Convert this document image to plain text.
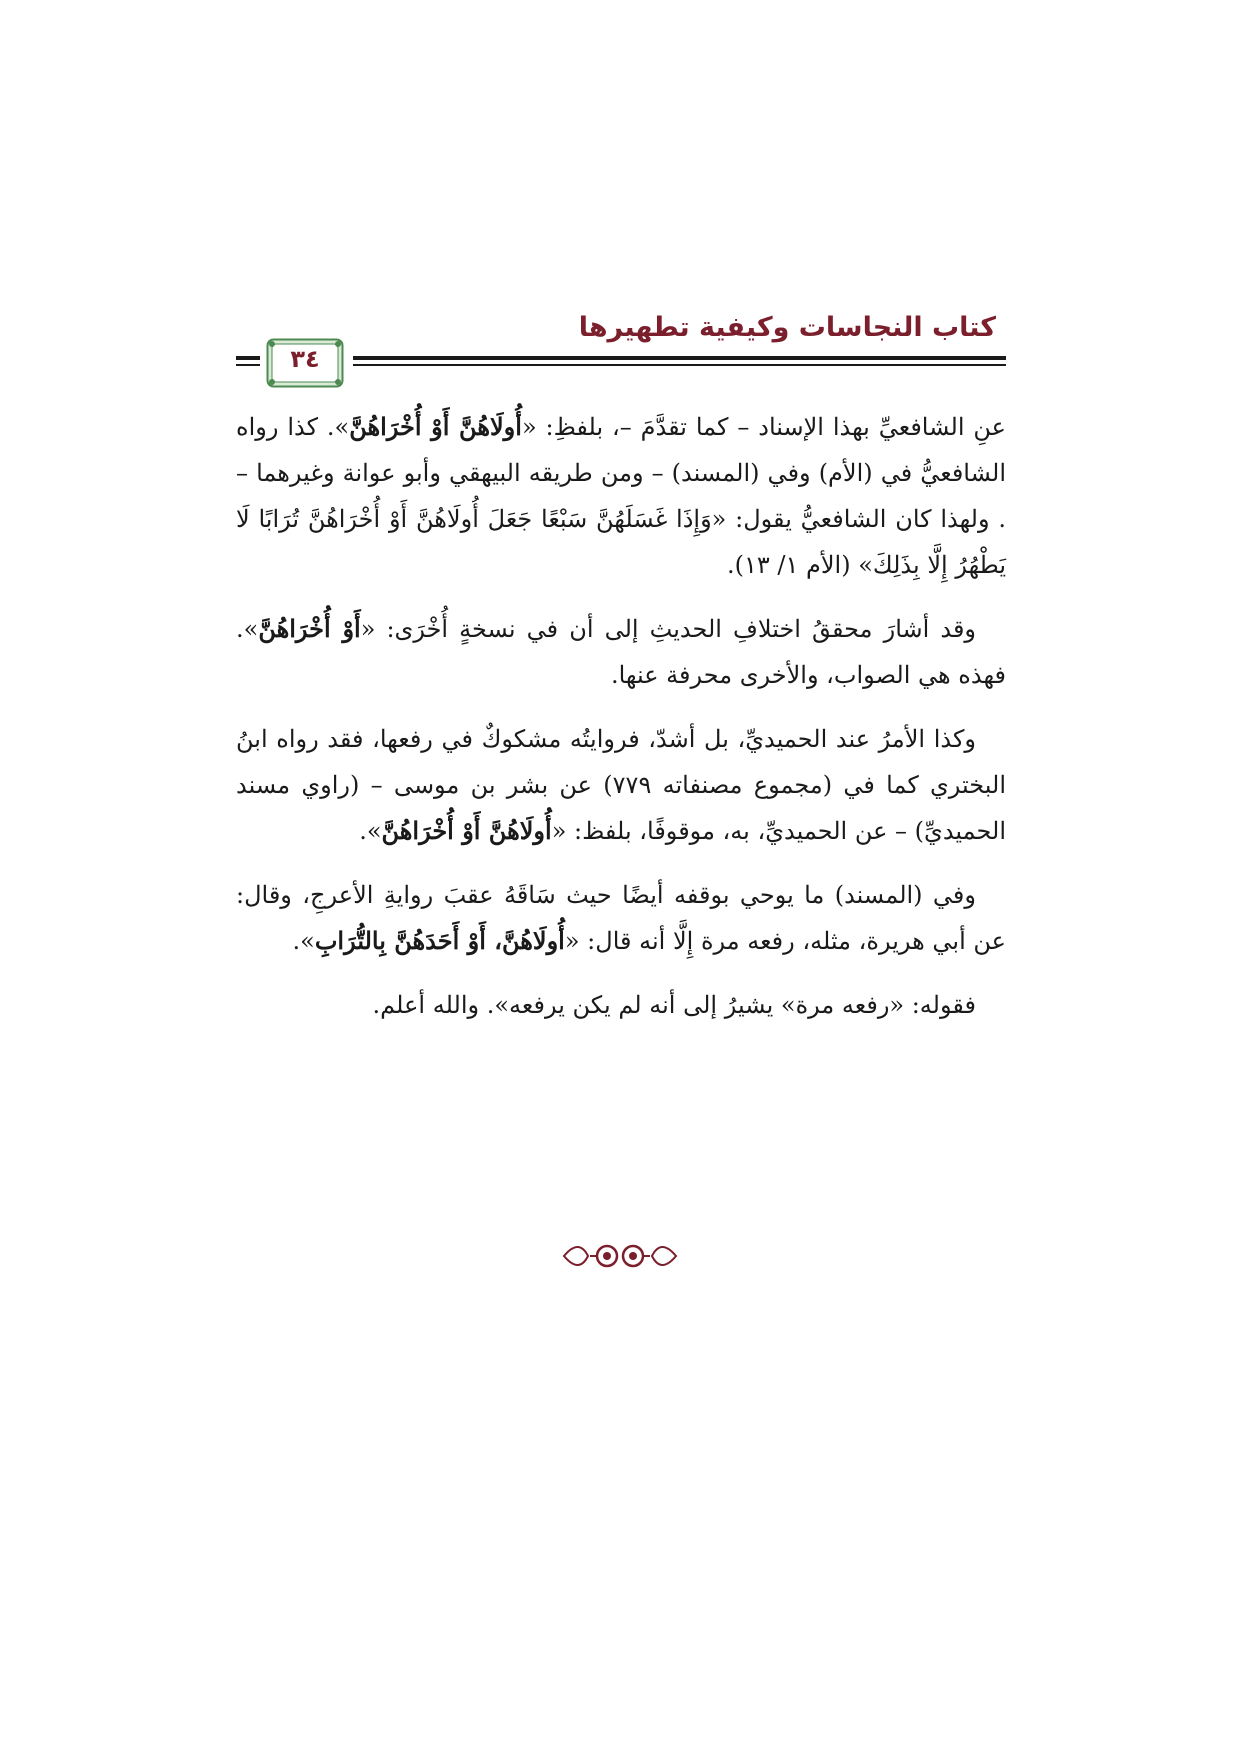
كتاب النجاسات وكيفية تطهيرها
٣٤

عنِ الشافعيِّ بهذا الإسناد – كما تقدَّمَ –، بلفظِ: «أُولَاهُنَّ أَوْ أُخْرَاهُنَّ». كذا رواه الشافعيُّ في (الأم) وفي (المسند) – ومن طريقه البيهقي وأبو عوانة وغيرهما – . ولهذا كان الشافعيُّ يقول: «وَإِذَا غَسَلَهُنَّ سَبْعًا جَعَلَ أُولَاهُنَّ أَوْ أُخْرَاهُنَّ تُرَابًا لَا يَطْهُرُ إِلَّا بِذَلِكَ» (الأم ١/ ١٣).

وقد أشارَ محققُ اختلافِ الحديثِ إلى أن في نسخةٍ أُخْرَى: «أَوْ أُخْرَاهُنَّ». فهذه هي الصواب، والأخرى محرفة عنها.

وكذا الأمرُ عند الحميديِّ، بل أشدّ، فروايتُه مشكوكٌ في رفعها، فقد رواه ابنُ البختري كما في (مجموع مصنفاته ٧٧٩) عن بشر بن موسى – (راوي مسند الحميديِّ) – عن الحميديِّ، به، موقوفًا، بلفظ: «أُولَاهُنَّ أَوْ أُخْرَاهُنَّ».

وفي (المسند) ما يوحي بوقفه أيضًا حيث سَاقَهُ عقبَ روايةِ الأعرجِ، وقال: عن أبي هريرة، مثله، رفعه مرة إِلَّا أنه قال: «أُولَاهُنَّ، أَوْ أَحَدَهُنَّ بِالتُّرَابِ».

فقوله: «رفعه مرة» يشيرُ إلى أنه لم يكن يرفعه». والله أعلم.
